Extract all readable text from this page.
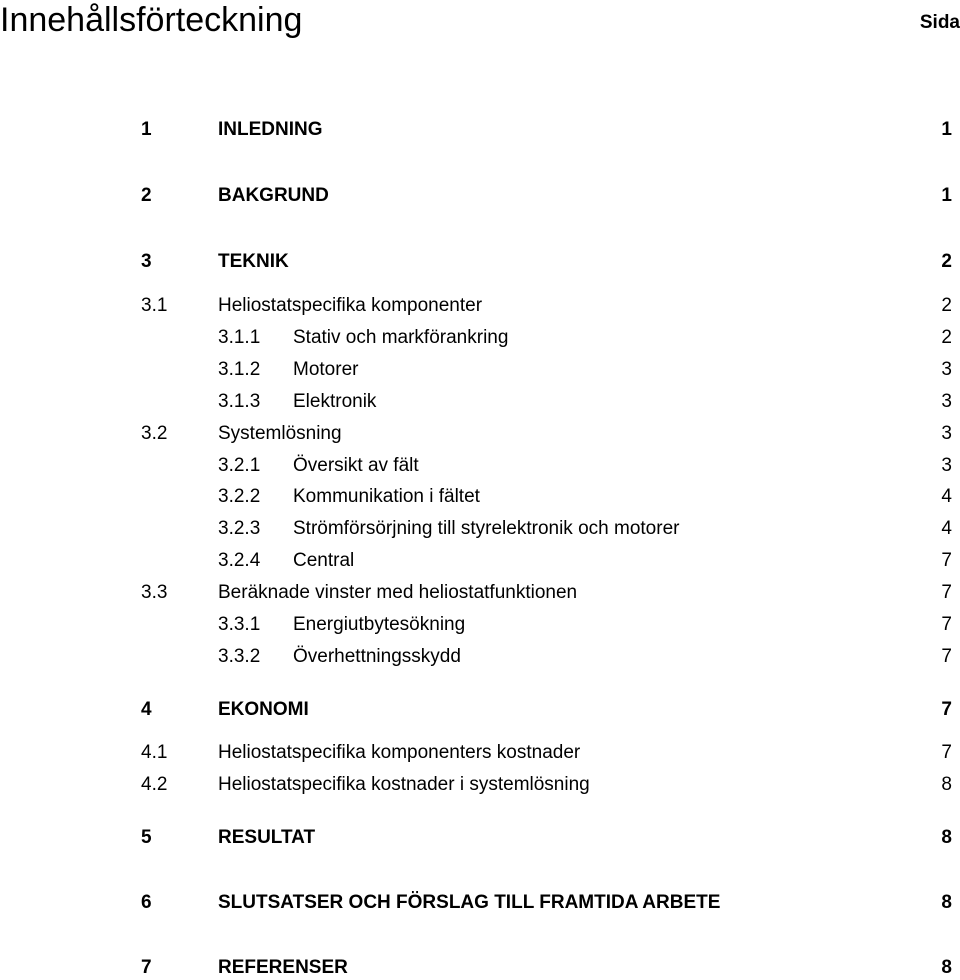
Innehållsförteckning	Sida
1	INLEDNING	1
2	BAKGRUND	1
3	TEKNIK	2
3.1	Heliostatspecifika komponenter	2
3.1.1 Stativ och markförankring	2
3.1.2 Motorer	3
3.1.3 Elektronik	3
3.2	Systemlösning	3
3.2.1 Översikt av fält	3
3.2.2 Kommunikation i fältet	4
3.2.3 Strömförsörjning till styrelektronik och motorer	4
3.2.4 Central	7
3.3	Beräknade vinster med heliostatfunktionen	7
3.3.1 Energiutbytesökning	7
3.3.2 Överhettningsskydd	7
4	EKONOMI	7
4.1	Heliostatspecifika komponenters kostnader	7
4.2	Heliostatspecifika kostnader i systemlösning	8
5	RESULTAT	8
6	SLUTSATSER OCH FÖRSLAG TILL FRAMTIDA ARBETE	8
7	REFERENSER	8
